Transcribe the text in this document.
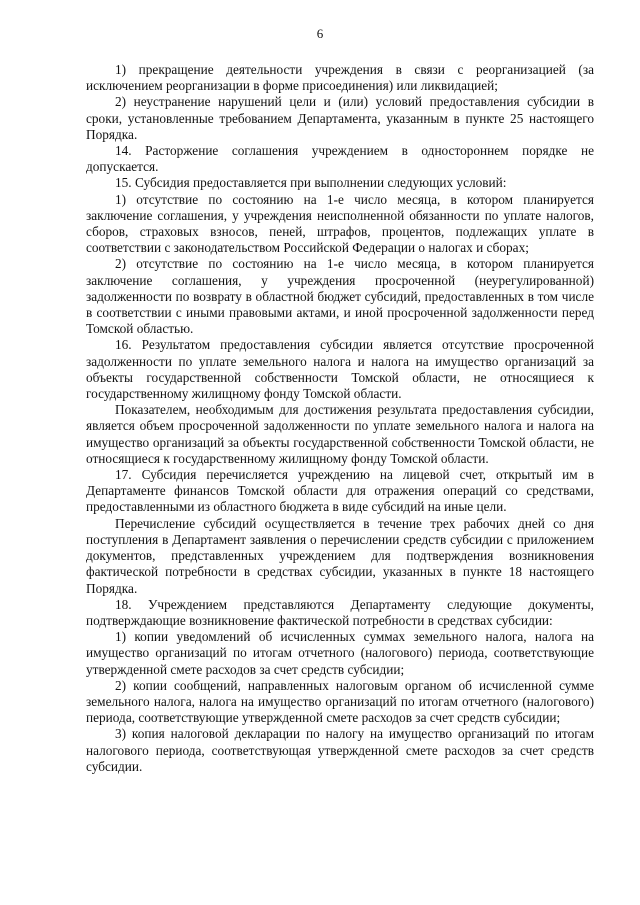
6

1) прекращение деятельности учреждения в связи с реорганизацией (за исключением реорганизации в форме присоединения) или ликвидацией;

2) неустранение нарушений цели и (или) условий предоставления субсидии в сроки, установленные требованием Департамента, указанным в пункте 25 настоящего Порядка.

14. Расторжение соглашения учреждением в одностороннем порядке не допускается.

15. Субсидия предоставляется при выполнении следующих условий:

1) отсутствие по состоянию на 1-е число месяца, в котором планируется заключение соглашения, у учреждения неисполненной обязанности по уплате налогов, сборов, страховых взносов, пеней, штрафов, процентов, подлежащих уплате в соответствии с законодательством Российской Федерации о налогах и сборах;

2) отсутствие по состоянию на 1-е число месяца, в котором планируется заключение соглашения, у учреждения просроченной (неурегулированной) задолженности по возврату в областной бюджет субсидий, предоставленных в том числе в соответствии с иными правовыми актами, и иной просроченной задолженности перед Томской областью.

16. Результатом предоставления субсидии является отсутствие просроченной задолженности по уплате земельного налога и налога на имущество организаций за объекты государственной собственности Томской области, не относящиеся к государственному жилищному фонду Томской области.

Показателем, необходимым для достижения результата предоставления субсидии, является объем просроченной задолженности по уплате земельного налога и налога на имущество организаций за объекты государственной собственности Томской области, не относящиеся к государственному жилищному фонду Томской области.

17. Субсидия перечисляется учреждению на лицевой счет, открытый им в Департаменте финансов Томской области для отражения операций со средствами, предоставленными из областного бюджета в виде субсидий на иные цели.

Перечисление субсидий осуществляется в течение трех рабочих дней со дня поступления в Департамент заявления о перечислении средств субсидии с приложением документов, представленных учреждением для подтверждения возникновения фактической потребности в средствах субсидии, указанных в пункте 18 настоящего Порядка.

18. Учреждением представляются Департаменту следующие документы, подтверждающие возникновение фактической потребности в средствах субсидии:

1) копии уведомлений об исчисленных суммах земельного налога, налога на имущество организаций по итогам отчетного (налогового) периода, соответствующие утвержденной смете расходов за счет средств субсидии;

2) копии сообщений, направленных налоговым органом об исчисленной сумме земельного налога, налога на имущество организаций по итогам отчетного (налогового) периода, соответствующие утвержденной смете расходов за счет средств субсидии;

3) копия налоговой декларации по налогу на имущество организаций по итогам налогового периода, соответствующая утвержденной смете расходов за счет средств субсидии.
